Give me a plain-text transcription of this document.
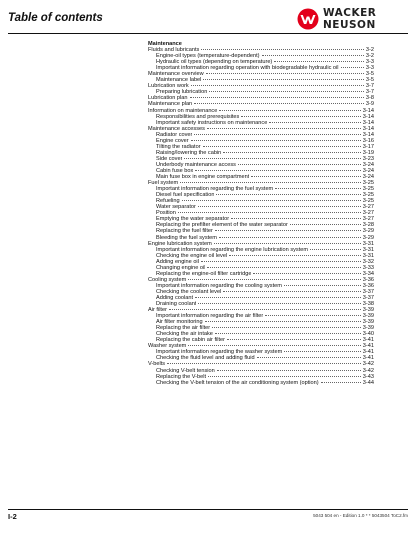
Table of contents	WACKER
NEUSON
Maintenance
Fluids and lubricants	3-2
Engine-oil types (temperature-dependent)	3-2
Hydraulic oil types (depending on temperature)	3-3
Important information regarding operation with biodegradable hydraulic oil	3-3
Maintenance overview	3-5
Maintenance label	3-5
Lubrication work	3-7
Preparing lubrication	3-7
Lubrication plan	3-8
Maintenance plan	3-9
Information on maintenance	3-14
Responsibilities and prerequisites	3-14
Important safety instructions on maintenance	3-14
Maintenance accesses	3-14
Radiator cover	3-14
Engine cover	3-16
Tilting the radiator	3-17
Raising/lowering the cabin	3-19
Side cover	3-23
Underbody maintenance access	3-24
Cabin fuse box	3-24
Main fuse box in engine compartment	3-24
Fuel system	3-25
Important information regarding the fuel system	3-25
Diesel fuel specification	3-25
Refueling	3-25
Water separator	3-27
Position	3-27
Emptying the water separator	3-27
Replacing the prefilter element of the water separator	3-28
Replacing the fuel filter	3-29
Bleeding the fuel system	3-29
Engine lubrication system	3-31
Important information regarding the engine lubrication system	3-31
Checking the engine oil level	3-31
Adding engine oil	3-32
Changing engine oil	3-33
Replacing the engine-oil filter cartridge	3-34
Cooling system	3-36
Important information regarding the cooling system	3-36
Checking the coolant level	3-37
Adding coolant	3-37
Draining coolant	3-38
Air filter	3-39
Important information regarding the air filter	3-39
Air filter monitoring	3-39
Replacing the air filter	3-39
Checking the air intake	3-40
Replacing the cabin air filter	3-41
Washer system	3-41
Important information regarding the washer system	3-41
Checking the fluid level and adding fluid	3-41
V-belts	3-42
Checking V-belt tension	3-42
Replacing the V-belt	3-43
Checking the V-belt tension of the air conditioning system (option)	3-44
I-2	5043 504 en - Edition 1.0 * * 5043504 ToC2.fm
